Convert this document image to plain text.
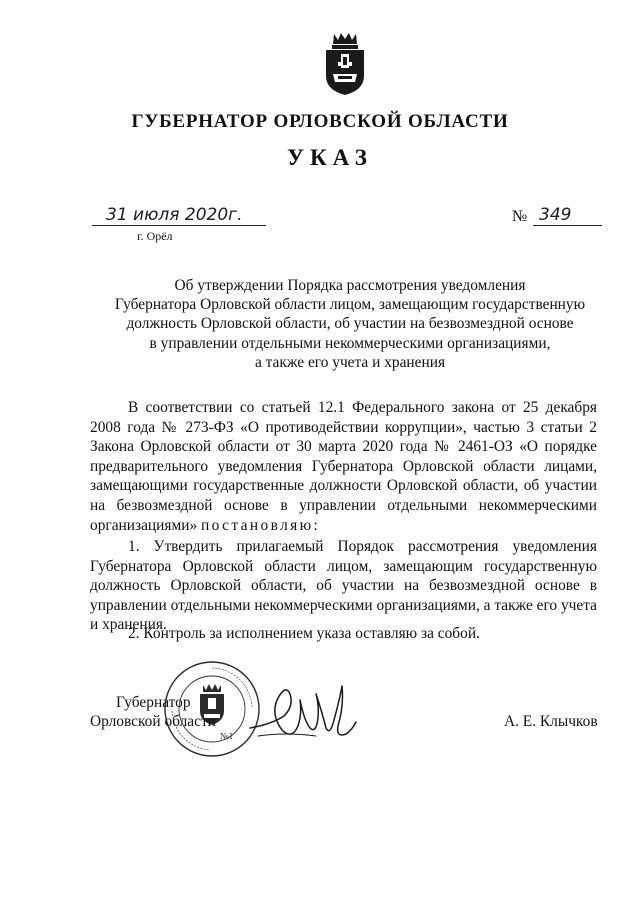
ГУБЕРНАТОР ОРЛОВСКОЙ ОБЛАСТИ
УКАЗ
31 июля 2020г.
г. Орёл
№ 349
Об утверждении Порядка рассмотрения уведомления
Губернатора Орловской области лицом, замещающим государственную
должность Орловской области, об участии на безвозмездной основе
в управлении отдельными некоммерческими организациями,
а также его учета и хранения
В соответствии со статьей 12.1 Федерального закона от 25 декабря 2008 года № 273-ФЗ «О противодействии коррупции», частью 3 статьи 2 Закона Орловской области от 30 марта 2020 года № 2461-ОЗ «О порядке предварительного уведомления Губернатора Орловской области лицами, замещающими государственные должности Орловской области, об участии на безвозмездной основе в управлении отдельными некоммерческими организациями» постановляю:
1. Утвердить прилагаемый Порядок рассмотрения уведомления Губернатора Орловской области лицом, замещающим государственную должность Орловской области, об участии на безвозмездной основе в управлении отдельными некоммерческими организациями, а также его учета и хранения.
2. Контроль за исполнением указа оставляю за собой.
№1
Губернатор
Орловской области	А. Е. Клычков
